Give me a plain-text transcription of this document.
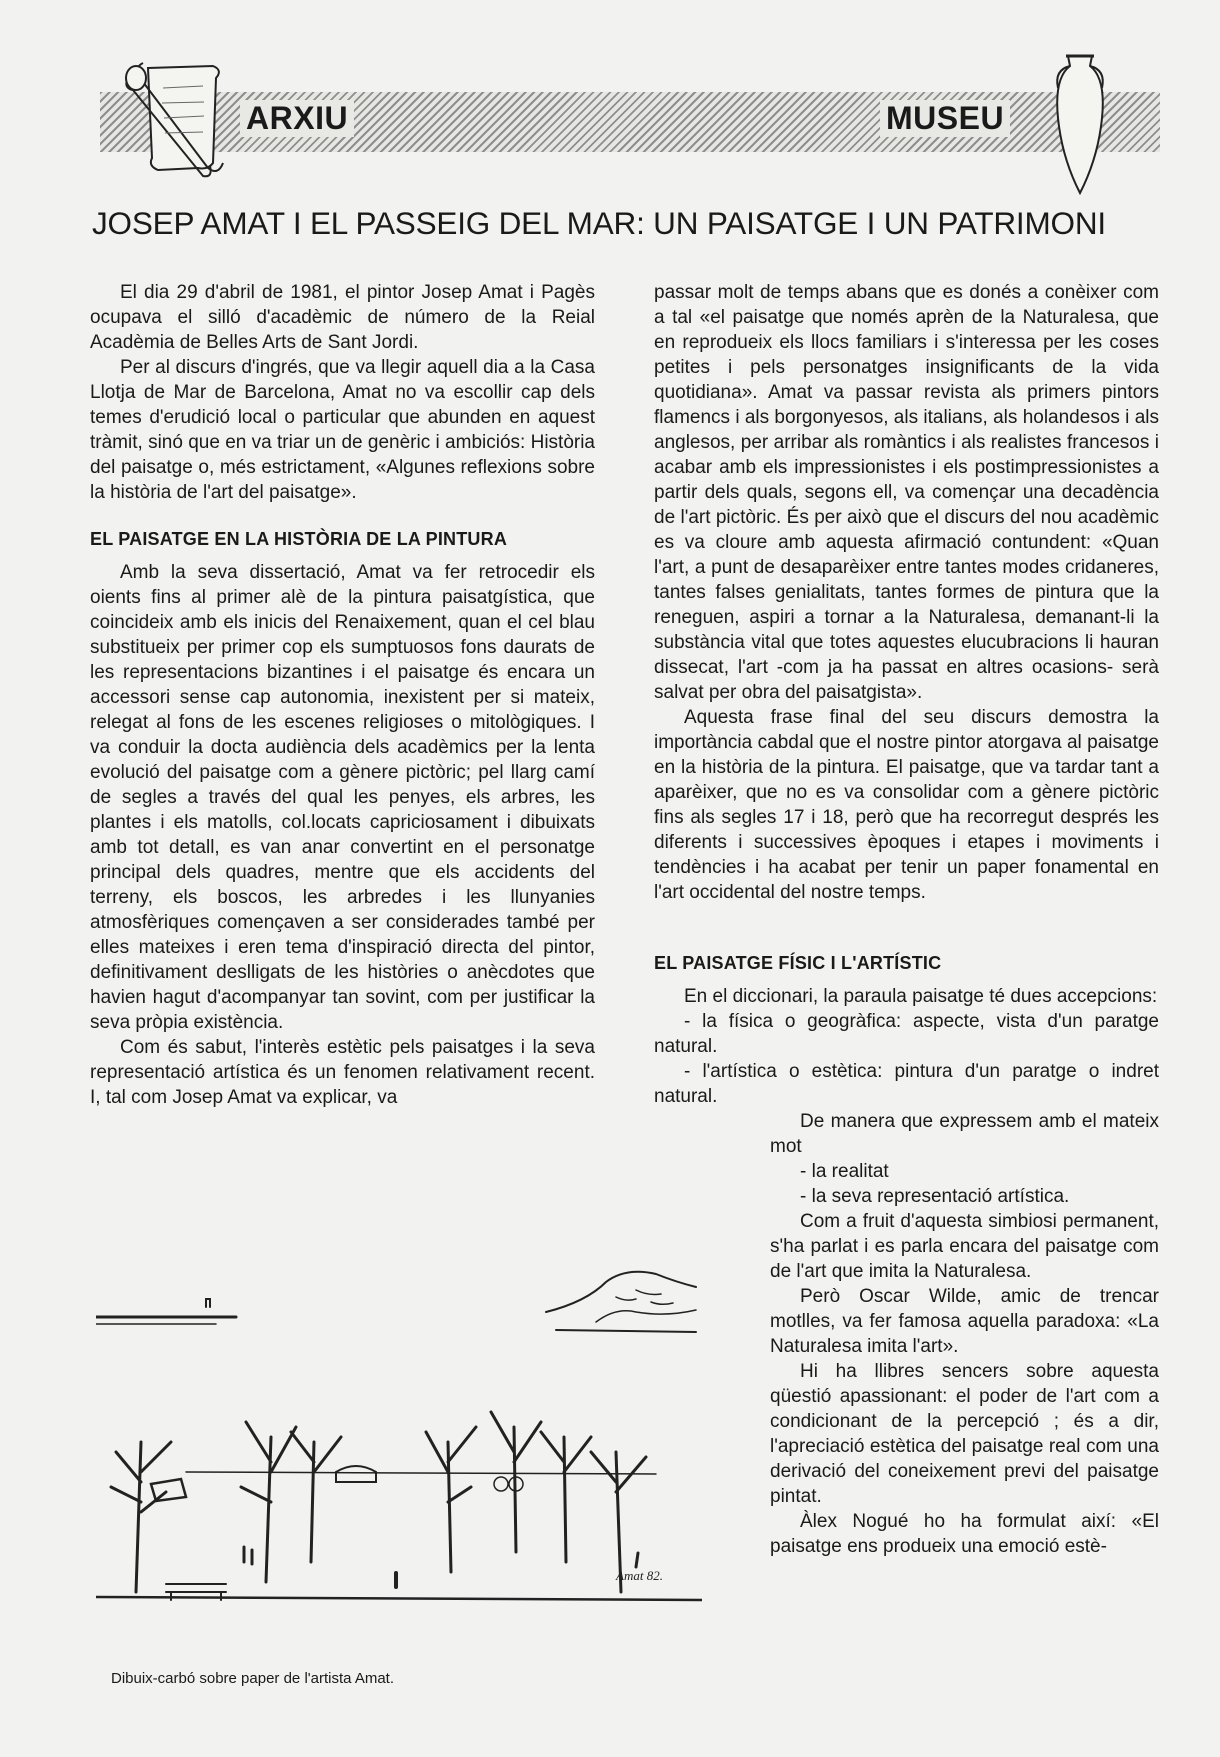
ARXIU	MUSEU
JOSEP AMAT I EL PASSEIG DEL MAR: UN PAISATGE I UN PATRIMONI

El dia 29 d'abril de 1981, el pintor Josep Amat i Pagès ocupava el silló d'acadèmic de número de la Reial Acadèmia de Belles Arts de Sant Jordi.

Per al discurs d'ingrés, que va llegir aquell dia a la Casa Llotja de Mar de Barcelona, Amat no va escollir cap dels temes d'erudició local o particular que abunden en aquest tràmit, sinó que en va triar un de genèric i ambiciós: Història del paisatge o, més estrictament, «Algunes reflexions sobre la història de l'art del paisatge».

EL PAISATGE EN LA HISTÒRIA DE LA PINTURA

Amb la seva dissertació, Amat va fer retrocedir els oients fins al primer alè de la pintura paisatgística, que coincideix amb els inicis del Renaixement, quan el cel blau substitueix per primer cop els sumptuosos fons daurats de les representacions bizantines i el paisatge és encara un accessori sense cap autonomia, inexistent per si mateix, relegat al fons de les escenes religioses o mitològiques. I va conduir la docta audiència dels acadèmics per la lenta evolució del paisatge com a gènere pictòric; pel llarg camí de segles a través del qual les penyes, els arbres, les plantes i els matolls, col.locats capriciosament i dibuixats amb tot detall, es van anar convertint en el personatge principal dels quadres, mentre que els accidents del terreny, els boscos, les arbredes i les llunyanies atmosfèriques començaven a ser considerades també per elles mateixes i eren tema d'inspiració directa del pintor, definitivament deslligats de les històries o anècdotes que havien hagut d'acompanyar tan sovint, com per justificar la seva pròpia existència.

Com és sabut, l'interès estètic pels paisatges i la seva representació artística és un fenomen relativament recent. I, tal com Josep Amat va explicar, va

passar molt de temps abans que es donés a conèixer com a tal «el paisatge que només aprèn de la Naturalesa, que en reprodueix els llocs familiars i s'interessa per les coses petites i pels personatges insignificants de la vida quotidiana». Amat va passar revista als primers pintors flamencs i als borgonyesos, als italians, als holandesos i als anglesos, per arribar als romàntics i als realistes francesos i acabar amb els impressionistes i els postimpressionistes a partir dels quals, segons ell, va començar una decadència de l'art pictòric. És per això que el discurs del nou acadèmic es va cloure amb aquesta afirmació contundent: «Quan l'art, a punt de desaparèixer entre tantes modes cridaneres, tantes falses genialitats, tantes formes de pintura que la reneguen, aspiri a tornar a la Naturalesa, demanant-li la substància vital que totes aquestes elucubracions li hauran dissecat, l'art -com ja ha passat en altres ocasions- serà salvat per obra del paisatgista».

Aquesta frase final del seu discurs demostra la importància cabdal que el nostre pintor atorgava al paisatge en la història de la pintura. El paisatge, que va tardar tant a aparèixer, que no es va consolidar com a gènere pictòric fins als segles 17 i 18, però que ha recorregut després les diferents i successives èpoques i etapes i moviments i tendències i ha acabat per tenir un paper fonamental en l'art occidental del nostre temps.

EL PAISATGE FÍSIC I L'ARTÍSTIC

En el diccionari, la paraula paisatge té dues accepcions:

- la física o geogràfica: aspecte, vista d'un paratge natural.

- l'artística o estètica: pintura d'un paratge o indret natural.

De manera que expressem amb el mateix mot

- la realitat

- la seva representació artística.

Com a fruit d'aquesta simbiosi permanent, s'ha parlat i es parla encara del paisatge com de l'art que imita la Naturalesa.

Però Oscar Wilde, amic de trencar motlles, va fer famosa aquella paradoxa: «La Naturalesa imita l'art».

Hi ha llibres sencers sobre aquesta qüestió apassionant: el poder de l'art com a condicionant de la percepció ; és a dir, l'apreciació estètica del paisatge real com una derivació del coneixement previ del paisatge pintat.

Àlex Nogué ho ha formulat així: «El paisatge ens produeix una emoció estè-

Amat 82.
Dibuix-carbó sobre paper de l'artista Amat.
